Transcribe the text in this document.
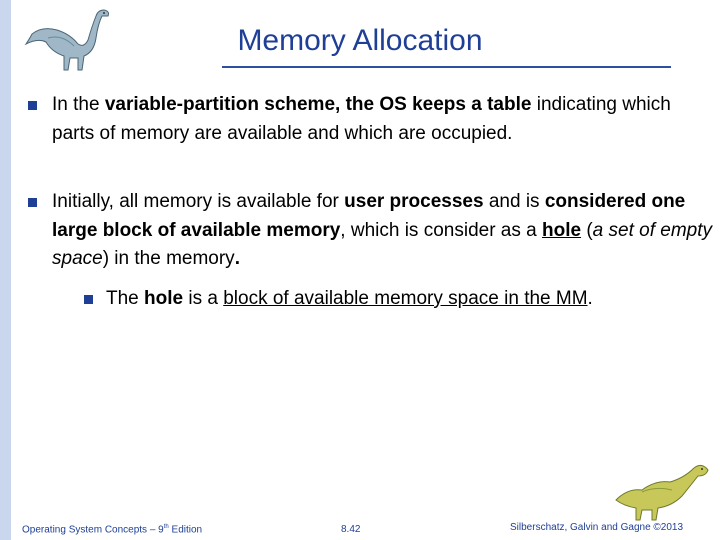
Memory Allocation
In the variable-partition scheme, the OS keeps a table indicating which parts of memory are available and which are occupied.
Initially, all memory is available for user processes and is considered one large block of available memory, which is consider as a hole (a set of empty space) in the memory.
The hole is a block of available memory space in the MM.
Operating System Concepts – 9th Edition	8.42	Silberschatz, Galvin and Gagne ©2013
